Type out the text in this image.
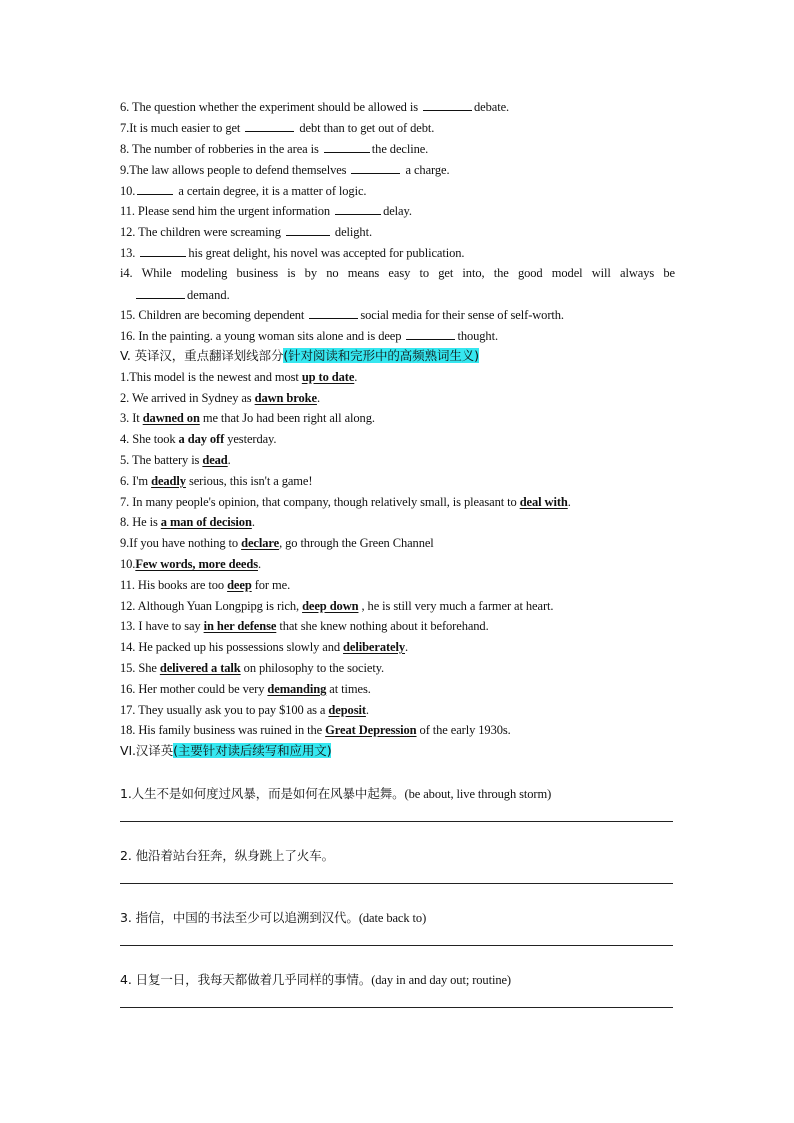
6. The question whether the experiment should be allowed is	debate.
7.It is much easier to get	debt than to get out of debt.
8. The number of robberies in the area is	the decline.
9.The law allows people to defend themselves	a charge.
10.	a certain degree, it is a matter of logic.
11. Please send him the urgent information	delay.
12. The children were screaming	delight.
13.	his great delight, his novel was accepted for publication.
i4. While modeling business is by no means easy to get into, the good model will always be
demand.
15. Children are becoming dependent	social media for their sense of self-worth.
16. In the painting. a young woman sits alone and is deep	thought.
V. 英译汉，重点翻译划线部分(针对阅读和完形中的高频熟词生义)
1.This model is the newest and most up to date.
2. We arrived in Sydney as dawn broke.
3. It dawned on me that Jo had been right all along.
4. She took a day off yesterday.
5. The battery is dead.
6. I'm deadly serious, this isn't a game!
7. In many people's opinion, that company, though relatively small, is pleasant to deal with.
8. He is a man of decision.
9.If you have nothing to declare, go through the Green Channel
10.Few words, more deeds.
11. His books are too deep for me.
12. Although Yuan Longpipg is rich, deep down , he is still very much a farmer at heart.
13. I have to say in her defense that she knew nothing about it beforehand.
14. He packed up his possessions slowly and deliberately.
15. She delivered a talk on philosophy to the society.
16. Her mother could be very demanding at times.
17. They usually ask you to pay $100 as a deposit.
18. His family business was ruined in the Great Depression of the early 1930s.
VI.汉译英(主要针对读后续写和应用文)
1.人生不是如何度过风暴，而是如何在风暴中起舞。(be about, live through storm)
2. 他沿着站台狂奔，纵身跳上了火车。
3. 指信，中国的书法至少可以追溯到汉代。(date back to)
4. 日复一日，我每天都做着几乎同样的事情。(day in and day out; routine)
